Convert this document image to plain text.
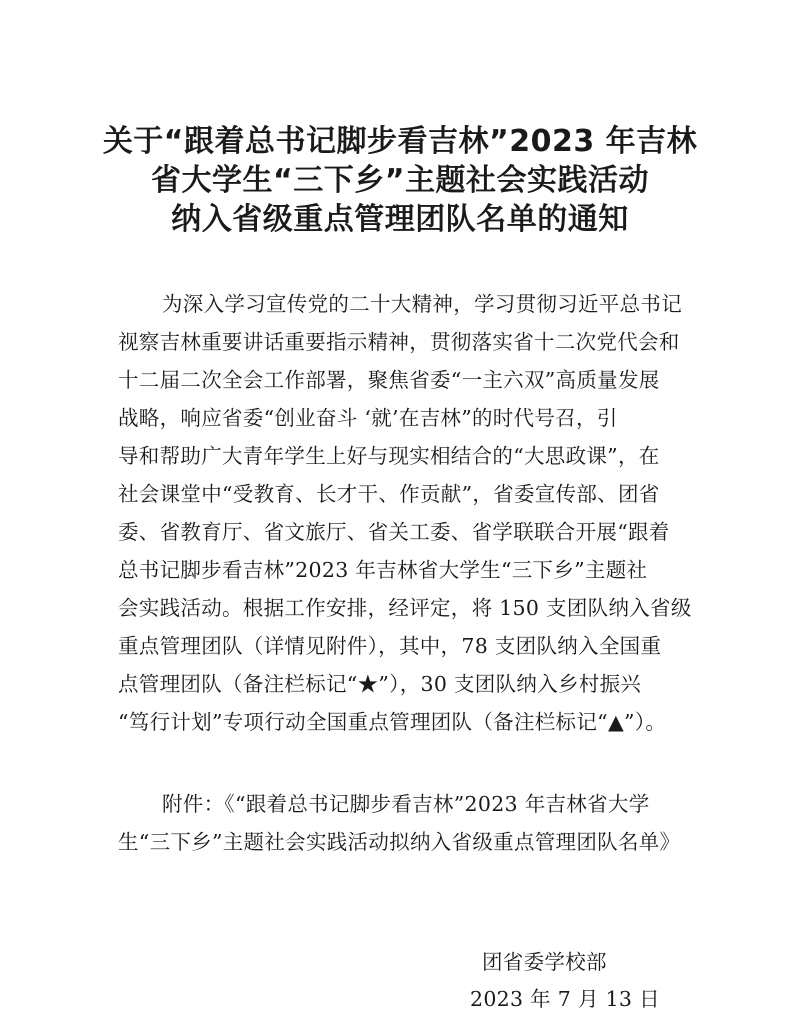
关于“跟着总书记脚步看吉林”2023 年吉林
省大学生“三下乡”主题社会实践活动
纳入省级重点管理团队名单的通知
为深入学习宣传党的二十大精神，学习贯彻习近平总书记
视察吉林重要讲话重要指示精神，贯彻落实省十二次党代会和
十二届二次全会工作部署，聚焦省委“一主六双”高质量发展
战略，响应省委“创业奋斗 ‘就’在吉林”的时代号召，引
导和帮助广大青年学生上好与现实相结合的“大思政课”，在
社会课堂中“受教育、长才干、作贡献”，省委宣传部、团省
委、省教育厅、省文旅厅、省关工委、省学联联合开展“跟着
总书记脚步看吉林”2023 年吉林省大学生“三下乡”主题社
会实践活动。根据工作安排，经评定，将 150 支团队纳入省级
重点管理团队（详情见附件），其中，78 支团队纳入全国重
点管理团队（备注栏标记“★”），30 支团队纳入乡村振兴
“笃行计划”专项行动全国重点管理团队（备注栏标记“▲”）。
附件：《“跟着总书记脚步看吉林”2023 年吉林省大学
生“三下乡”主题社会实践活动拟纳入省级重点管理团队名单》
团省委学校部
2023 年 7 月 13 日
